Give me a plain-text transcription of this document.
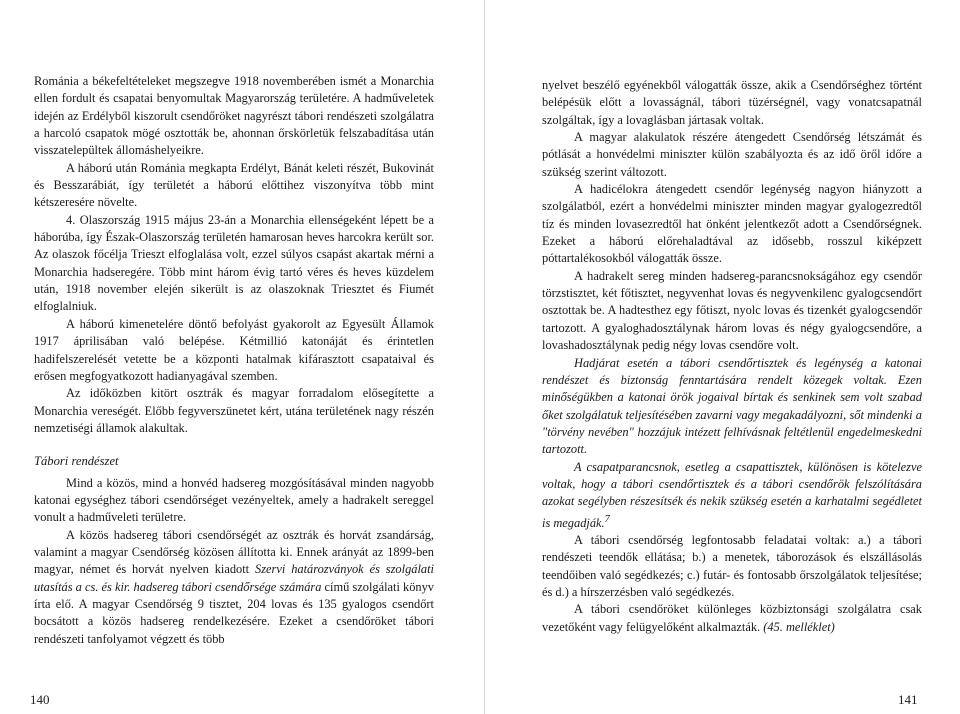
Románia a békefeltételeket megszegve 1918 novemberében ismét a Monarchia ellen fordult és csapatai benyomultak Magyarország területére. A hadműveletek idején az Erdélyből kiszorult csendőröket nagyrészt tábori rendészeti szolgálatra a harcoló csapatok mögé osztották be, ahonnan őrskörletük felszabadítása után visszatelepültek állomáshelyeikre.

A háború után Románia megkapta Erdélyt, Bánát keleti részét, Bukovinát és Besszarábiát, így területét a háború előttihez viszonyítva több mint kétszeresére növelte.

4. Olaszország 1915 május 23-án a Monarchia ellenségeként lépett be a háborúba, így Észak-Olaszország területén hamarosan heves harcokra került sor. Az olaszok főcélja Trieszt elfoglalása volt, ezzel súlyos csapást akartak mérni a Monarchia hadseregére. Több mint három évig tartó véres és heves küzdelem után, 1918 november elején sikerült is az olaszoknak Triesztet és Fiumét elfoglalniuk.

A háború kimenetelére döntő befolyást gyakorolt az Egyesült Államok 1917 áprilisában való belépése. Kétmillió katonáját és érintetlen hadifelszerelését vetette be a központi hatalmak kifárasztott csapataival és erősen megfogyatkozott hadianyagával szemben.

Az időközben kitört osztrák és magyar forradalom elősegítette a Monarchia vereségét. Előbb fegyverszünetet kért, utána területének nagy részén nemzetiségi államok alakultak.

Tábori rendészet

Mind a közös, mind a honvéd hadsereg mozgósításával minden nagyobb katonai egységhez tábori csendőrséget vezényeltek, amely a hadrakelt sereggel vonult a hadműveleti területre.

A közös hadsereg tábori csendőrségét az osztrák és horvát zsandárság, valamint a magyar Csendőrség közösen állította ki. Ennek arányát az 1899-ben magyar, német és horvát nyelven kiadott Szervi határozványok és szolgálati utasítás a cs. és kir. hadsereg tábori csendőrsége számára című szolgálati könyv írta elő. A magyar Csendőrség 9 tisztet, 204 lovas és 135 gyalogos csendőrt bocsátott a közös hadsereg rendelkezésére. Ezeket a csendőröket tábori rendészeti tanfolyamot végzett és több

140

nyelvet beszélő egyénekből válogatták össze, akik a Csendőrséghez történt belépésük előtt a lovasságnál, tábori tüzérségnél, vagy vonatcsapatnál szolgáltak, így a lovaglásban jártasak voltak.

A magyar alakulatok részére átengedett Csendőrség létszámát és pótlását a honvédelmi miniszter külön szabályozta és az idő öről időre a szükség szerint változott.

A hadicélokra átengedett csendőr legénység nagyon hiányzott a szolgálatból, ezért a honvédelmi miniszter minden magyar gyalogezredtől tíz és minden lovasezredtől hat önként jelentkezőt adott a Csendőrségnek. Ezeket a háború előrehaladtával az idősebb, rosszul kiképzett póttartalékosokból válogatták össze.

A hadrakelt sereg minden hadsereg-parancsnokságához egy csendőr törzstisztet, két főtisztet, negyvenhat lovas és negyvenkilenc gyalogcsendőrt osztottak be. A hadtesthez egy főtiszt, nyolc lovas és tizenkét gyalogcsendőr tartozott. A gyaloghadosztálynak három lovas és négy gyalogcsendőre, a lovashadosztálynak pedig négy lovas csendőre volt.

Hadjárat esetén a tábori csendőrtisztek és legénység a katonai rendészet és biztonság fenntartására rendelt közegek voltak. Ezen minőségükben a katonai örök jogaival bírtak és senkinek sem volt szabad őket szolgálatuk teljesítésében zavarni vagy megakadályozni, sőt mindenki a "törvény nevében" hozzájuk intézett felhívásnak feltétlenül engedelmeskedni tartozott.

A csapatparancsnok, esetleg a csapattisztek, különösen is kötelezve voltak, hogy a tábori csendőrtisztek és a tábori csendőrök felszólítására azokat segélyben részesítsék és nekik szükség esetén a karhatalmi segédletet is megadják.$^7$

A tábori csendőrség legfontosabb feladatai voltak: a.) a tábori rendészeti teendők ellátása; b.) a menetek, táborozások és elszállásolás teendőiben való segédkezés; c.) futár- és fontosabb őrszolgálatok teljesítése; és d.) a hírszerzésben való segédkezés.

A tábori csendőröket különleges közbiztonsági szolgálatra csak vezetőként vagy felügyelőként alkalmazták. (45. melléklet)

141
